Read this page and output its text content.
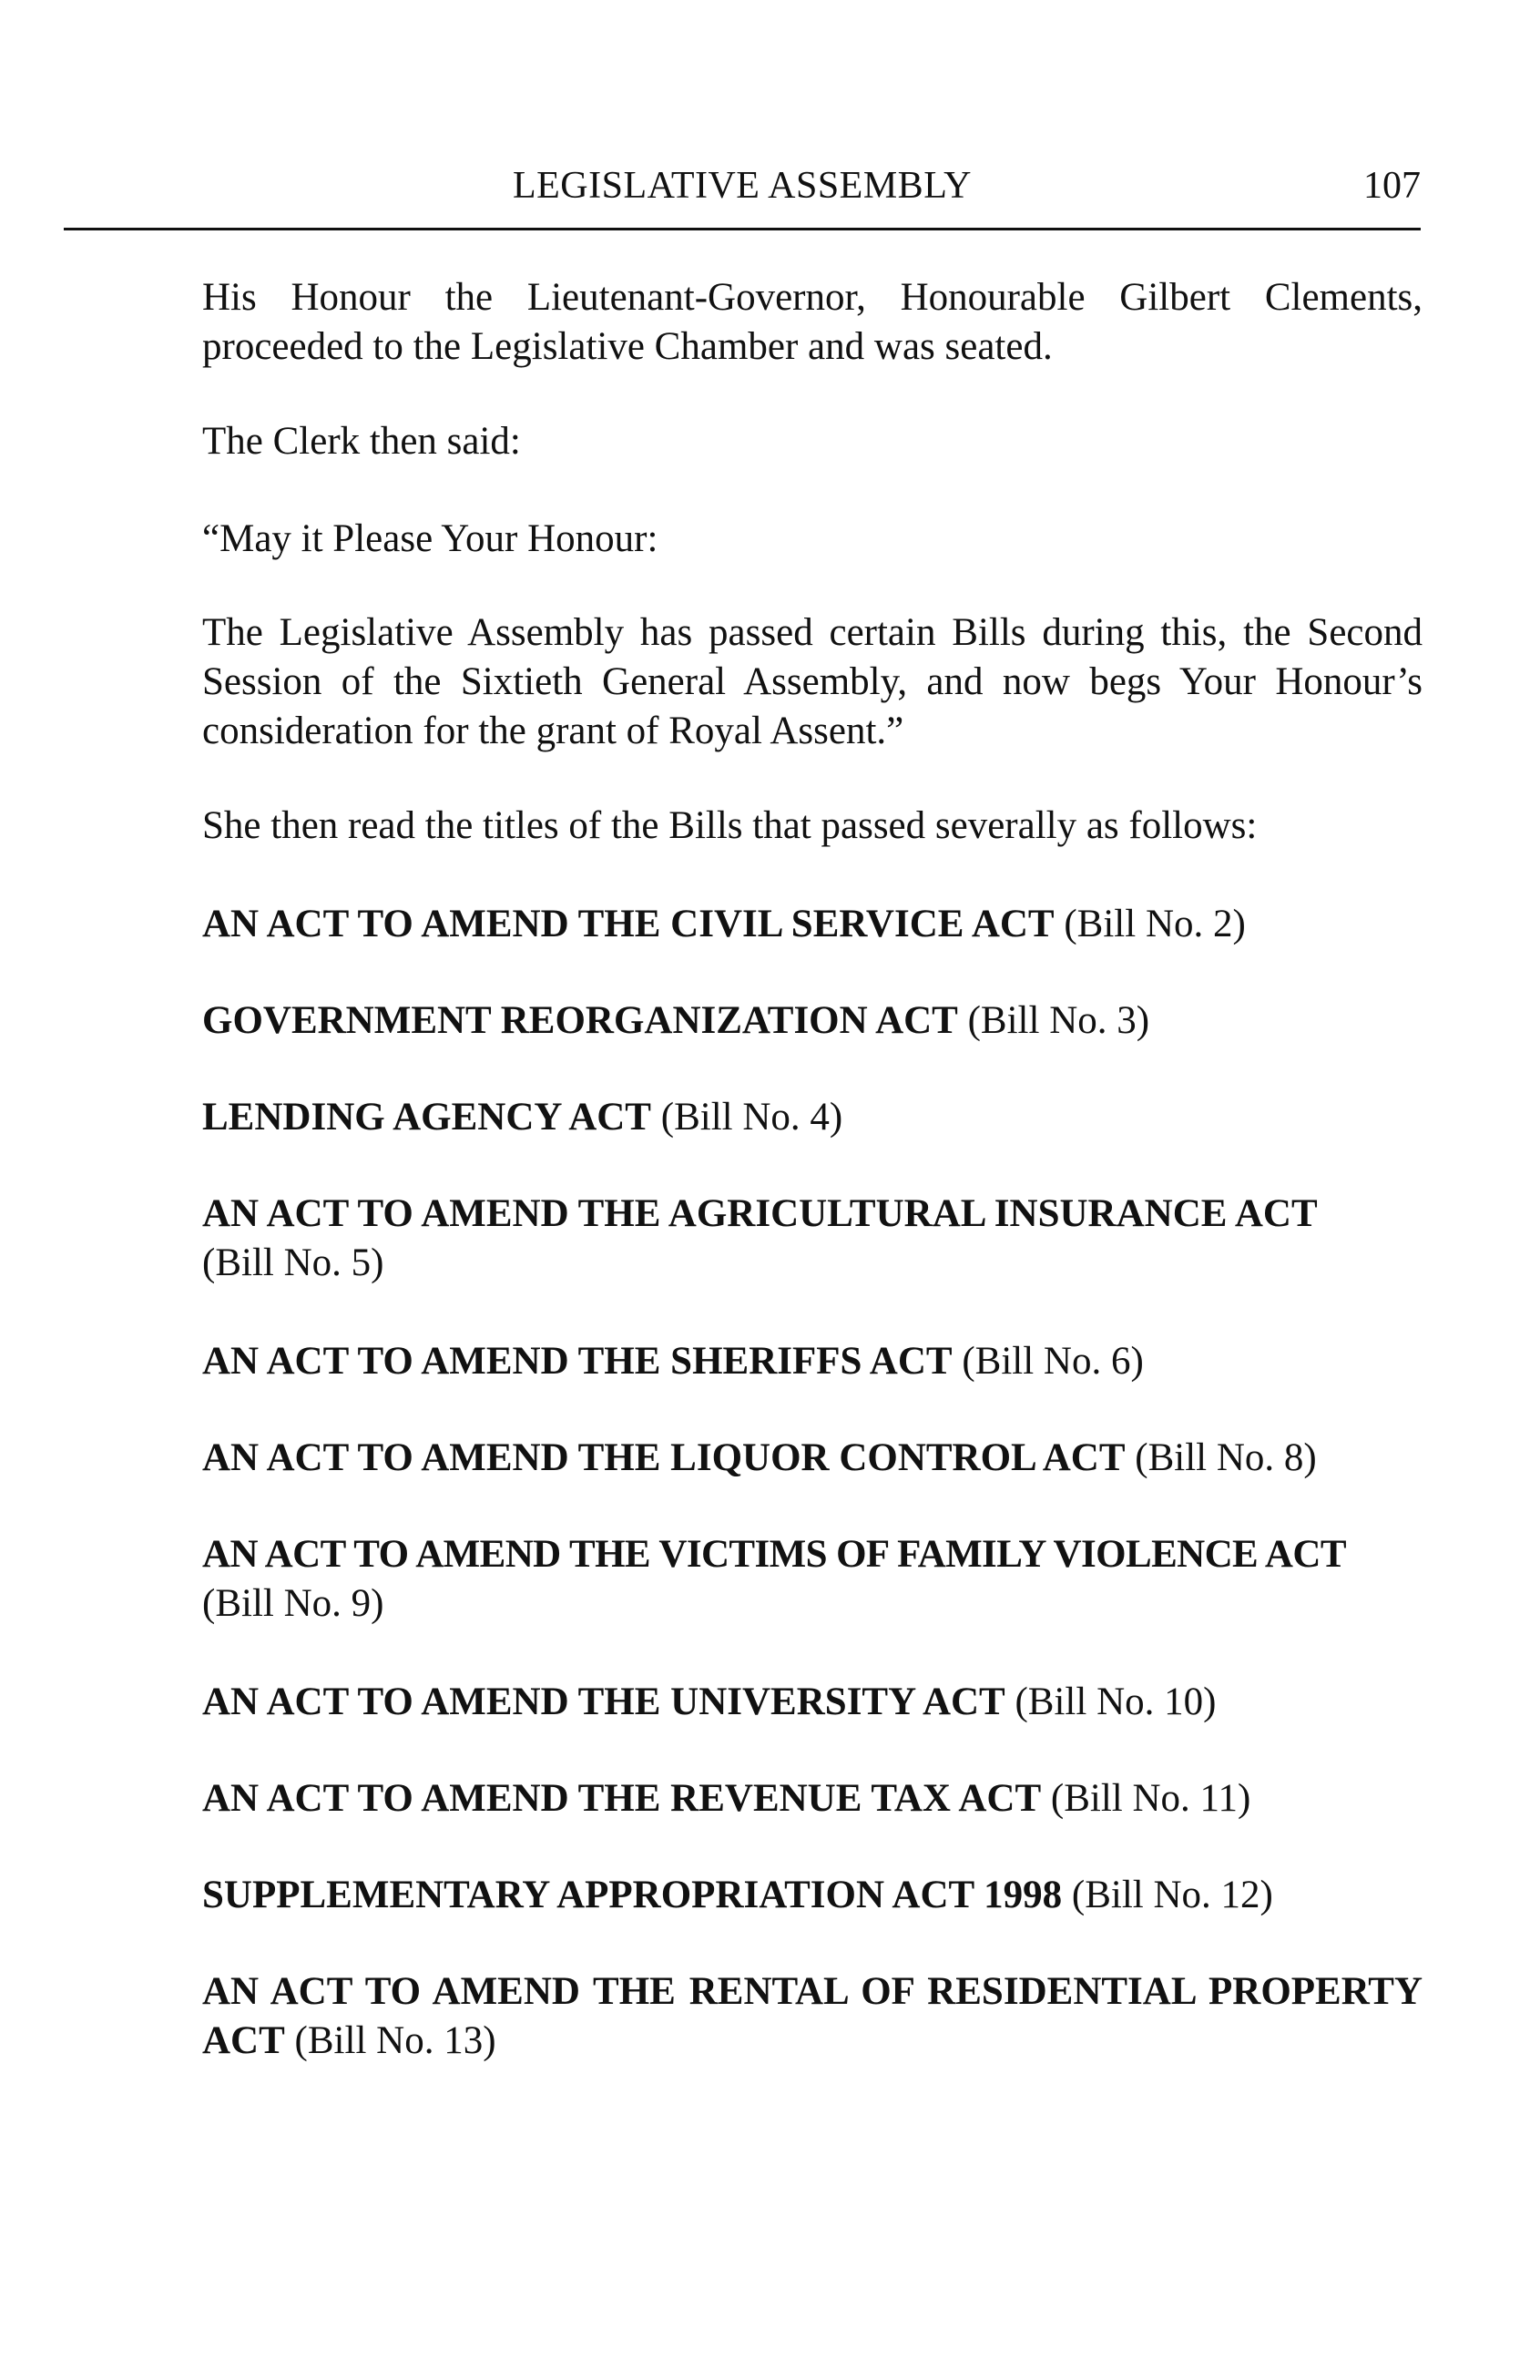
LEGISLATIVE ASSEMBLY	107
His Honour the Lieutenant-Governor, Honourable Gilbert Clements, proceeded to the Legislative Chamber and was seated.
The Clerk then said:
“May it Please Your Honour:
The Legislative Assembly has passed certain Bills during this, the Second Session of the Sixtieth General Assembly, and now begs Your Honour’s consideration for the grant of Royal Assent.”
She then read the titles of the Bills that passed severally as follows:
AN ACT TO AMEND THE CIVIL SERVICE ACT (Bill No. 2)
GOVERNMENT REORGANIZATION ACT (Bill No. 3)
LENDING AGENCY ACT (Bill No. 4)
AN ACT TO AMEND THE AGRICULTURAL INSURANCE ACT
(Bill No. 5)
AN ACT TO AMEND THE SHERIFFS ACT (Bill No. 6)
AN ACT TO AMEND THE LIQUOR CONTROL ACT (Bill No. 8)
AN ACT TO AMEND THE VICTIMS OF FAMILY VIOLENCE ACT
(Bill No. 9)
AN ACT TO AMEND THE UNIVERSITY ACT (Bill No. 10)
AN ACT TO AMEND THE REVENUE TAX ACT (Bill No. 11)
SUPPLEMENTARY APPROPRIATION ACT 1998 (Bill No. 12)
AN ACT TO AMEND THE RENTAL OF RESIDENTIAL PROPERTY ACT (Bill No. 13)
